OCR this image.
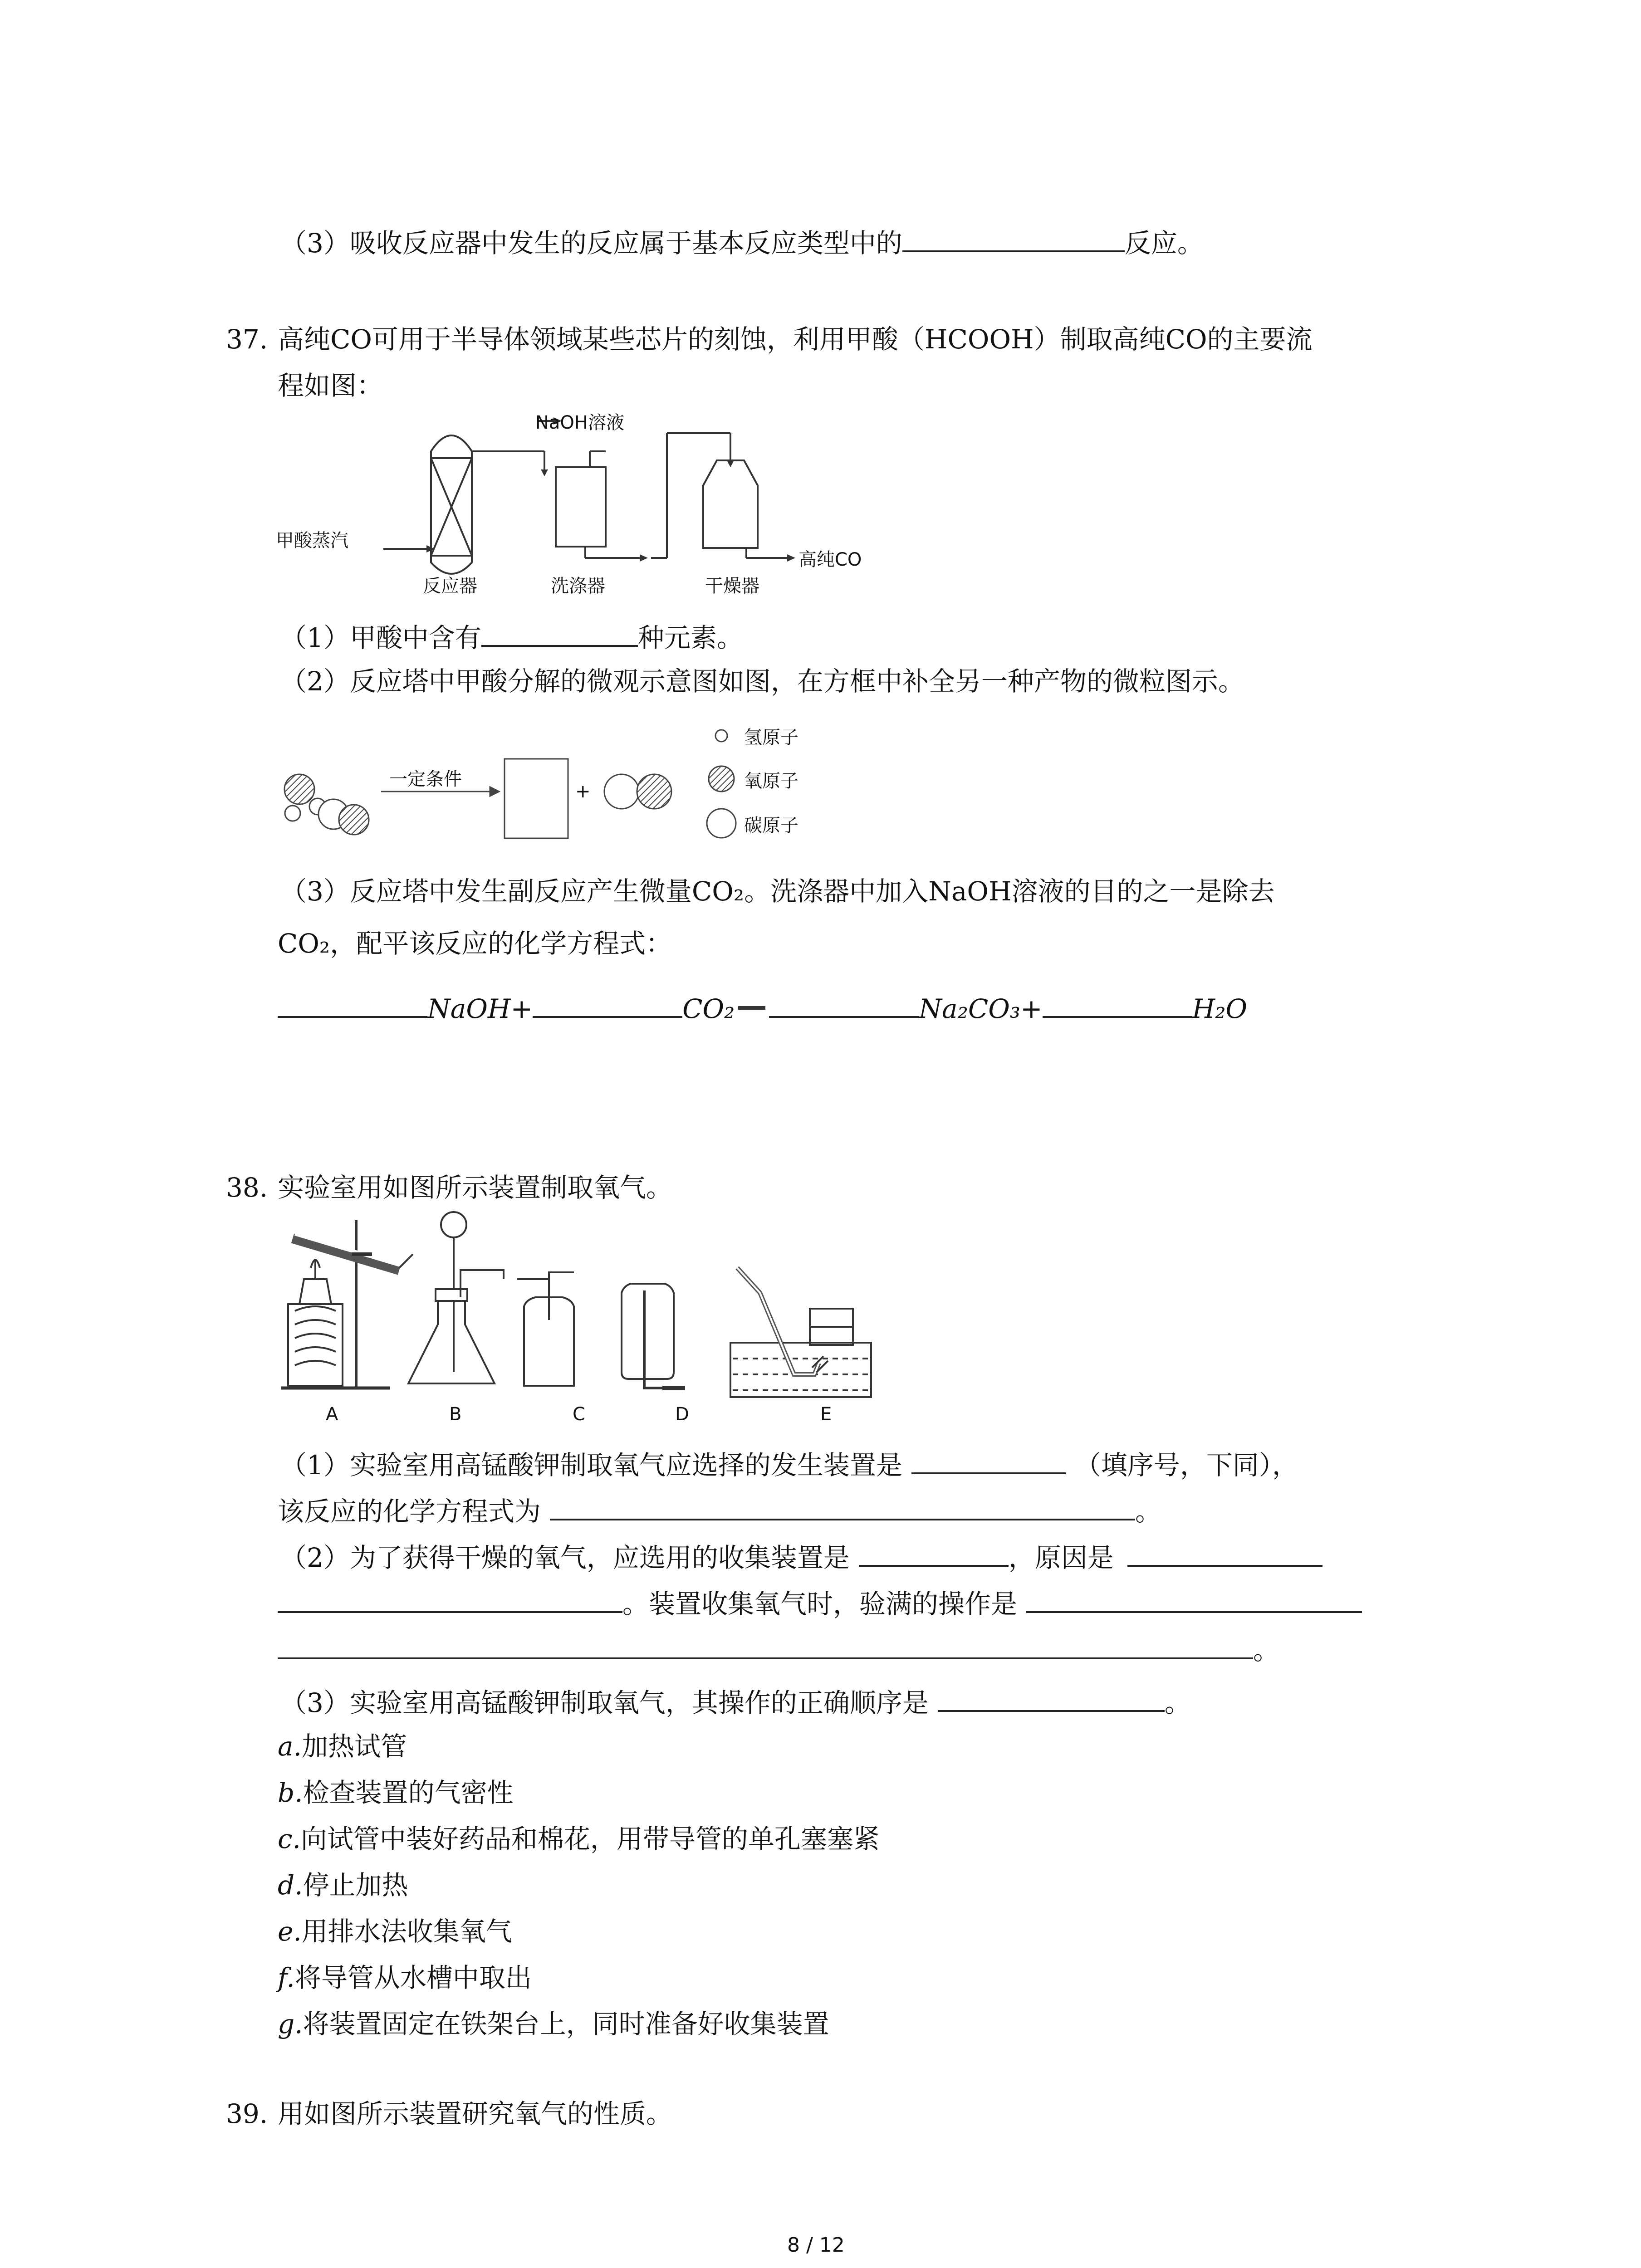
（3）吸收反应器中发生的反应属于基本反应类型中的	反应。
37. 高纯CO可用于半导体领域某些芯片的刻蚀，利用甲酸（HCOOH）制取高纯CO的主要流
程如图：
NaOH溶液
甲酸蒸汽
反应器	洗涤器	干燥器
高纯CO
（1）甲酸中含有	种元素。
（2）反应塔中甲酸分解的微观示意图如图，在方框中补全另一种产物的微粒图示。
一定条件
+
氢原子
氧原子
碳原子
（3）反应塔中发生副反应产生微量CO₂。洗涤器中加入NaOH溶液的目的之一是除去
CO₂，配平该反应的化学方程式：
NaOH+	CO₂	Na₂CO₃+	H₂O
38. 实验室用如图所示装置制取氧气。
A	B	C	D	E
（1）实验室用高锰酸钾制取氧气应选择的发生装置是	（填序号，下同），
该反应的化学方程式为	。
（2）为了获得干燥的氧气，应选用的收集装置是	，原因是
。装置收集氧气时，验满的操作是
。
（3）实验室用高锰酸钾制取氧气，其操作的正确顺序是	。
a.加热试管
b.检查装置的气密性
c.向试管中装好药品和棉花，用带导管的单孔塞塞紧
d.停止加热
e.用排水法收集氧气
f.将导管从水槽中取出
g.将装置固定在铁架台上，同时准备好收集装置
39. 用如图所示装置研究氧气的性质。
8 / 12
